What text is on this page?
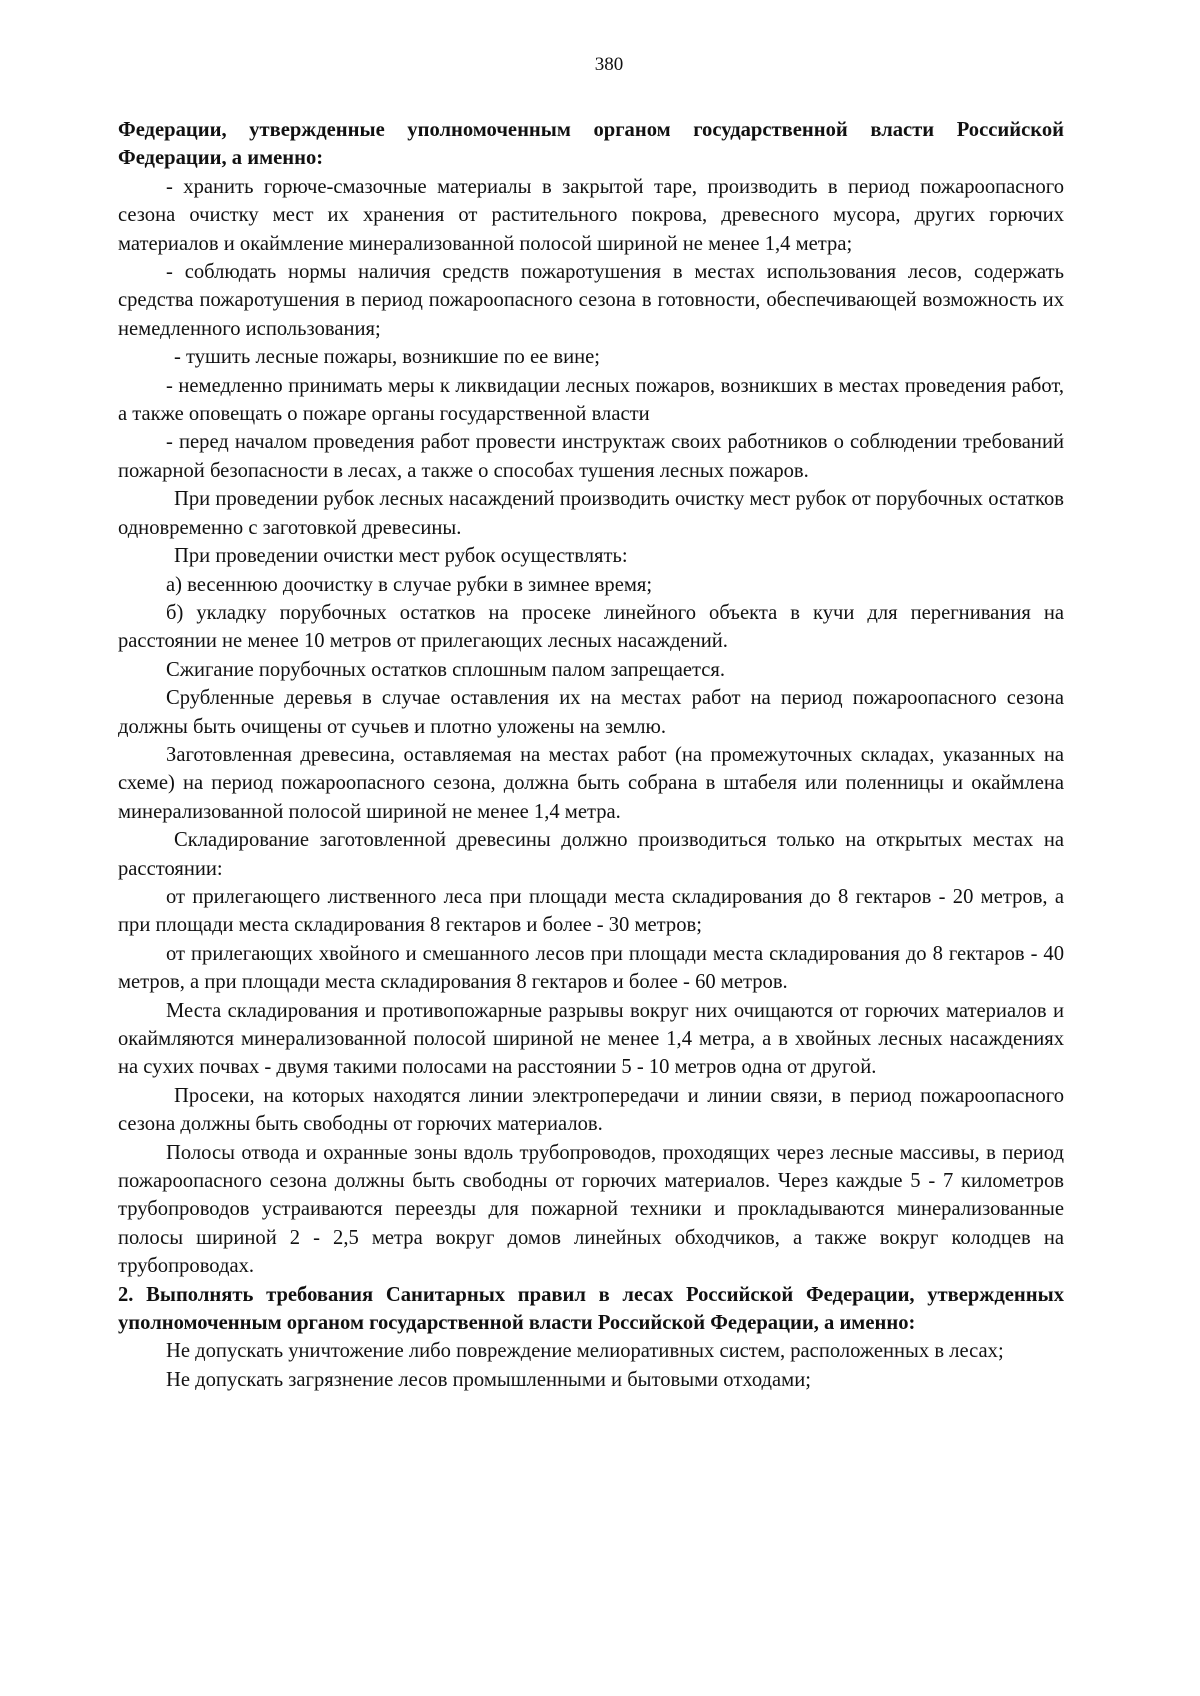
380

Федерации, утвержденные уполномоченным органом государственной власти Российской Федерации, а именно:

- хранить горюче-смазочные материалы в закрытой таре, производить в период пожароопасного сезона очистку мест их хранения от растительного покрова, древесного мусора, других горючих материалов и окаймление минерализованной полосой шириной не менее 1,4 метра;

- соблюдать нормы наличия средств пожаротушения в местах использования лесов, содержать средства пожаротушения в период пожароопасного сезона в готовности, обеспечивающей возможность их немедленного использования;

- тушить лесные пожары, возникшие по ее вине;

- немедленно принимать меры к ликвидации лесных пожаров, возникших в местах проведения работ, а также оповещать о пожаре органы государственной власти

- перед началом проведения работ провести инструктаж своих работников о соблюдении требований пожарной безопасности в лесах, а также о способах тушения лесных пожаров.

При проведении рубок лесных насаждений производить очистку мест рубок от порубочных остатков одновременно с заготовкой древесины.

При проведении очистки мест рубок осуществлять:

а) весеннюю доочистку в случае рубки в зимнее время;

б) укладку порубочных остатков на просеке линейного объекта в кучи для перегнивания на расстоянии не менее 10 метров от прилегающих лесных насаждений.

Сжигание порубочных остатков сплошным палом запрещается.

Срубленные деревья в случае оставления их на местах работ на период пожароопасного сезона должны быть очищены от сучьев и плотно уложены на землю.

Заготовленная древесина, оставляемая на местах работ (на промежуточных складах, указанных на схеме) на период пожароопасного сезона, должна быть собрана в штабеля или поленницы и окаймлена минерализованной полосой шириной не менее 1,4 метра.

Складирование заготовленной древесины должно производиться только на открытых местах на расстоянии:

от прилегающего лиственного леса при площади места складирования до 8 гектаров - 20 метров, а при площади места складирования 8 гектаров и более - 30 метров;

от прилегающих хвойного и смешанного лесов при площади места складирования до 8 гектаров - 40 метров, а при площади места складирования 8 гектаров и более - 60 метров.

Места складирования и противопожарные разрывы вокруг них очищаются от горючих материалов и окаймляются минерализованной полосой шириной не менее 1,4 метра, а в хвойных лесных насаждениях на сухих почвах - двумя такими полосами на расстоянии 5 - 10 метров одна от другой.

Просеки, на которых находятся линии электропередачи и линии связи, в период пожароопасного сезона должны быть свободны от горючих материалов.

Полосы отвода и охранные зоны вдоль трубопроводов, проходящих через лесные массивы, в период пожароопасного сезона должны быть свободны от горючих материалов. Через каждые 5 - 7 километров трубопроводов устраиваются переезды для пожарной техники и прокладываются минерализованные полосы шириной 2 - 2,5 метра вокруг домов линейных обходчиков, а также вокруг колодцев на трубопроводах.

2. Выполнять требования Санитарных правил в лесах Российской Федерации, утвержденных уполномоченным органом государственной власти Российской Федерации, а именно:

Не допускать уничтожение либо повреждение мелиоративных систем, расположенных в лесах;

Не допускать загрязнение лесов промышленными и бытовыми отходами;
